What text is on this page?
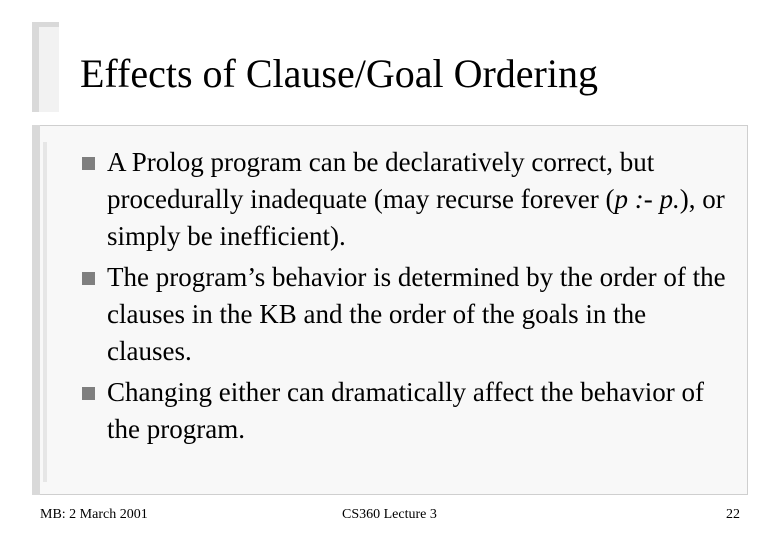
Effects of Clause/Goal Ordering
A Prolog program can be declaratively correct, but procedurally inadequate (may recurse forever (p :- p.), or simply be inefficient).
The program’s behavior is determined by the order of the clauses in the KB and the order of the goals in the clauses.
Changing either can dramatically affect the behavior of the program.
MB: 2 March 2001	CS360 Lecture 3	22
